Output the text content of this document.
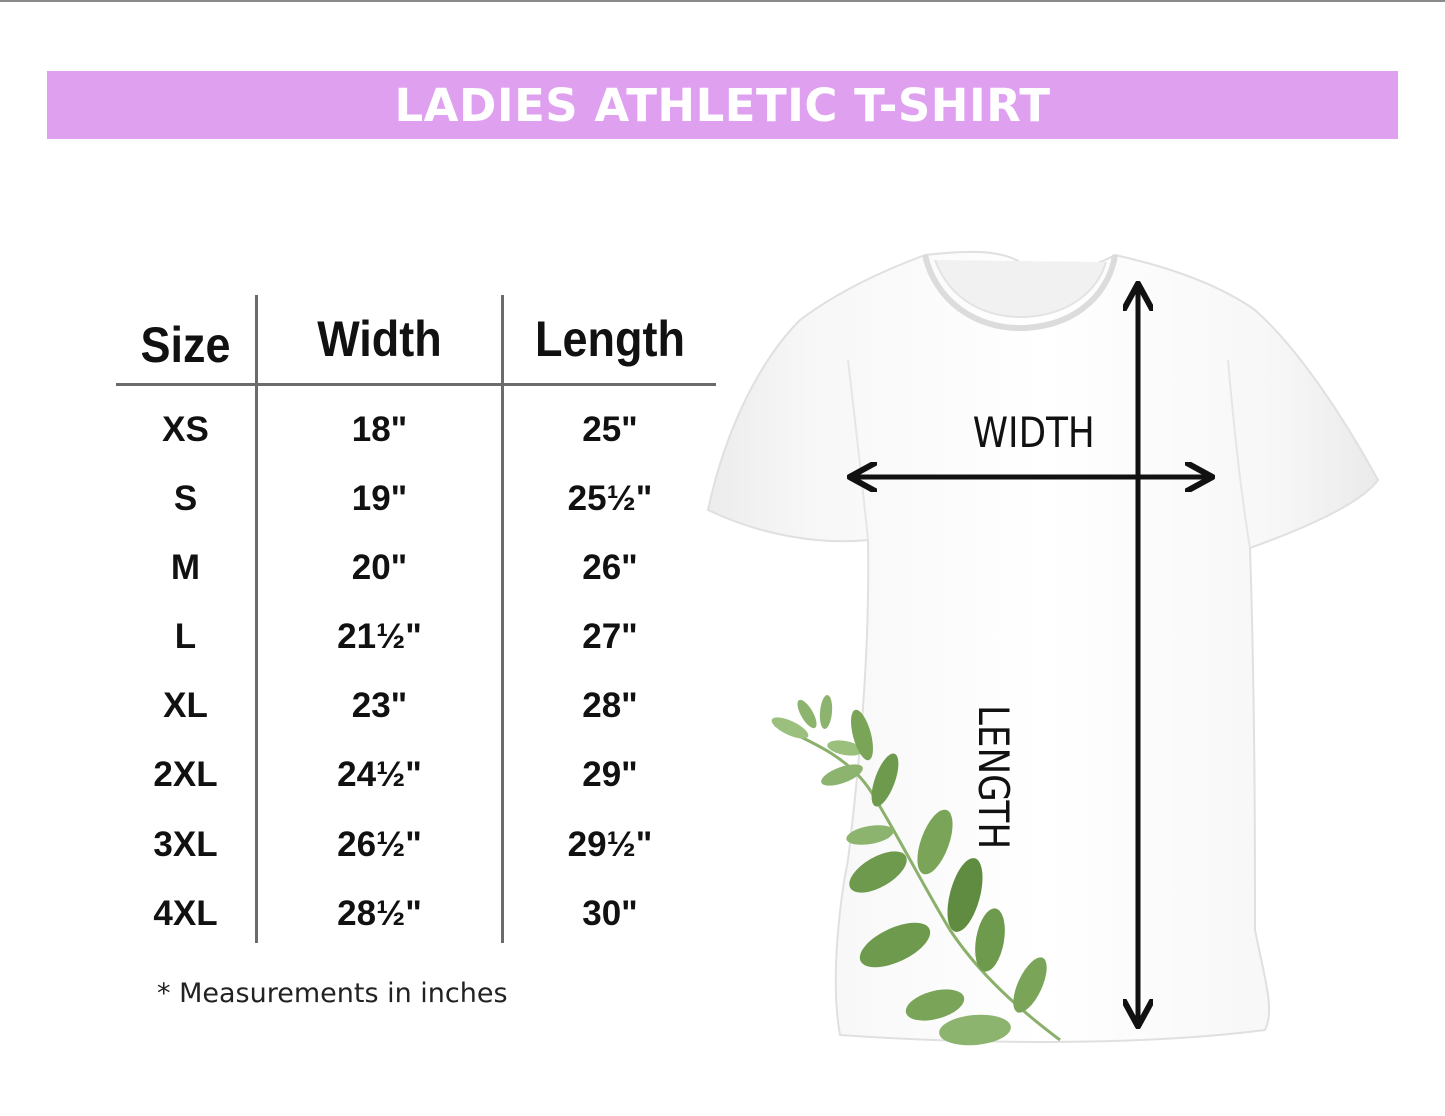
LADIES ATHLETIC T-SHIRT
Size	Width	Length
XS	18"	25"
S	19"	25½"
M	20"	26"
L	21½"	27"
XL	23"	28"
2XL	24½"	29"
3XL	26½"	29½"
4XL	28½"	30"
* Measurements in inches
WIDTH
LENGTH
